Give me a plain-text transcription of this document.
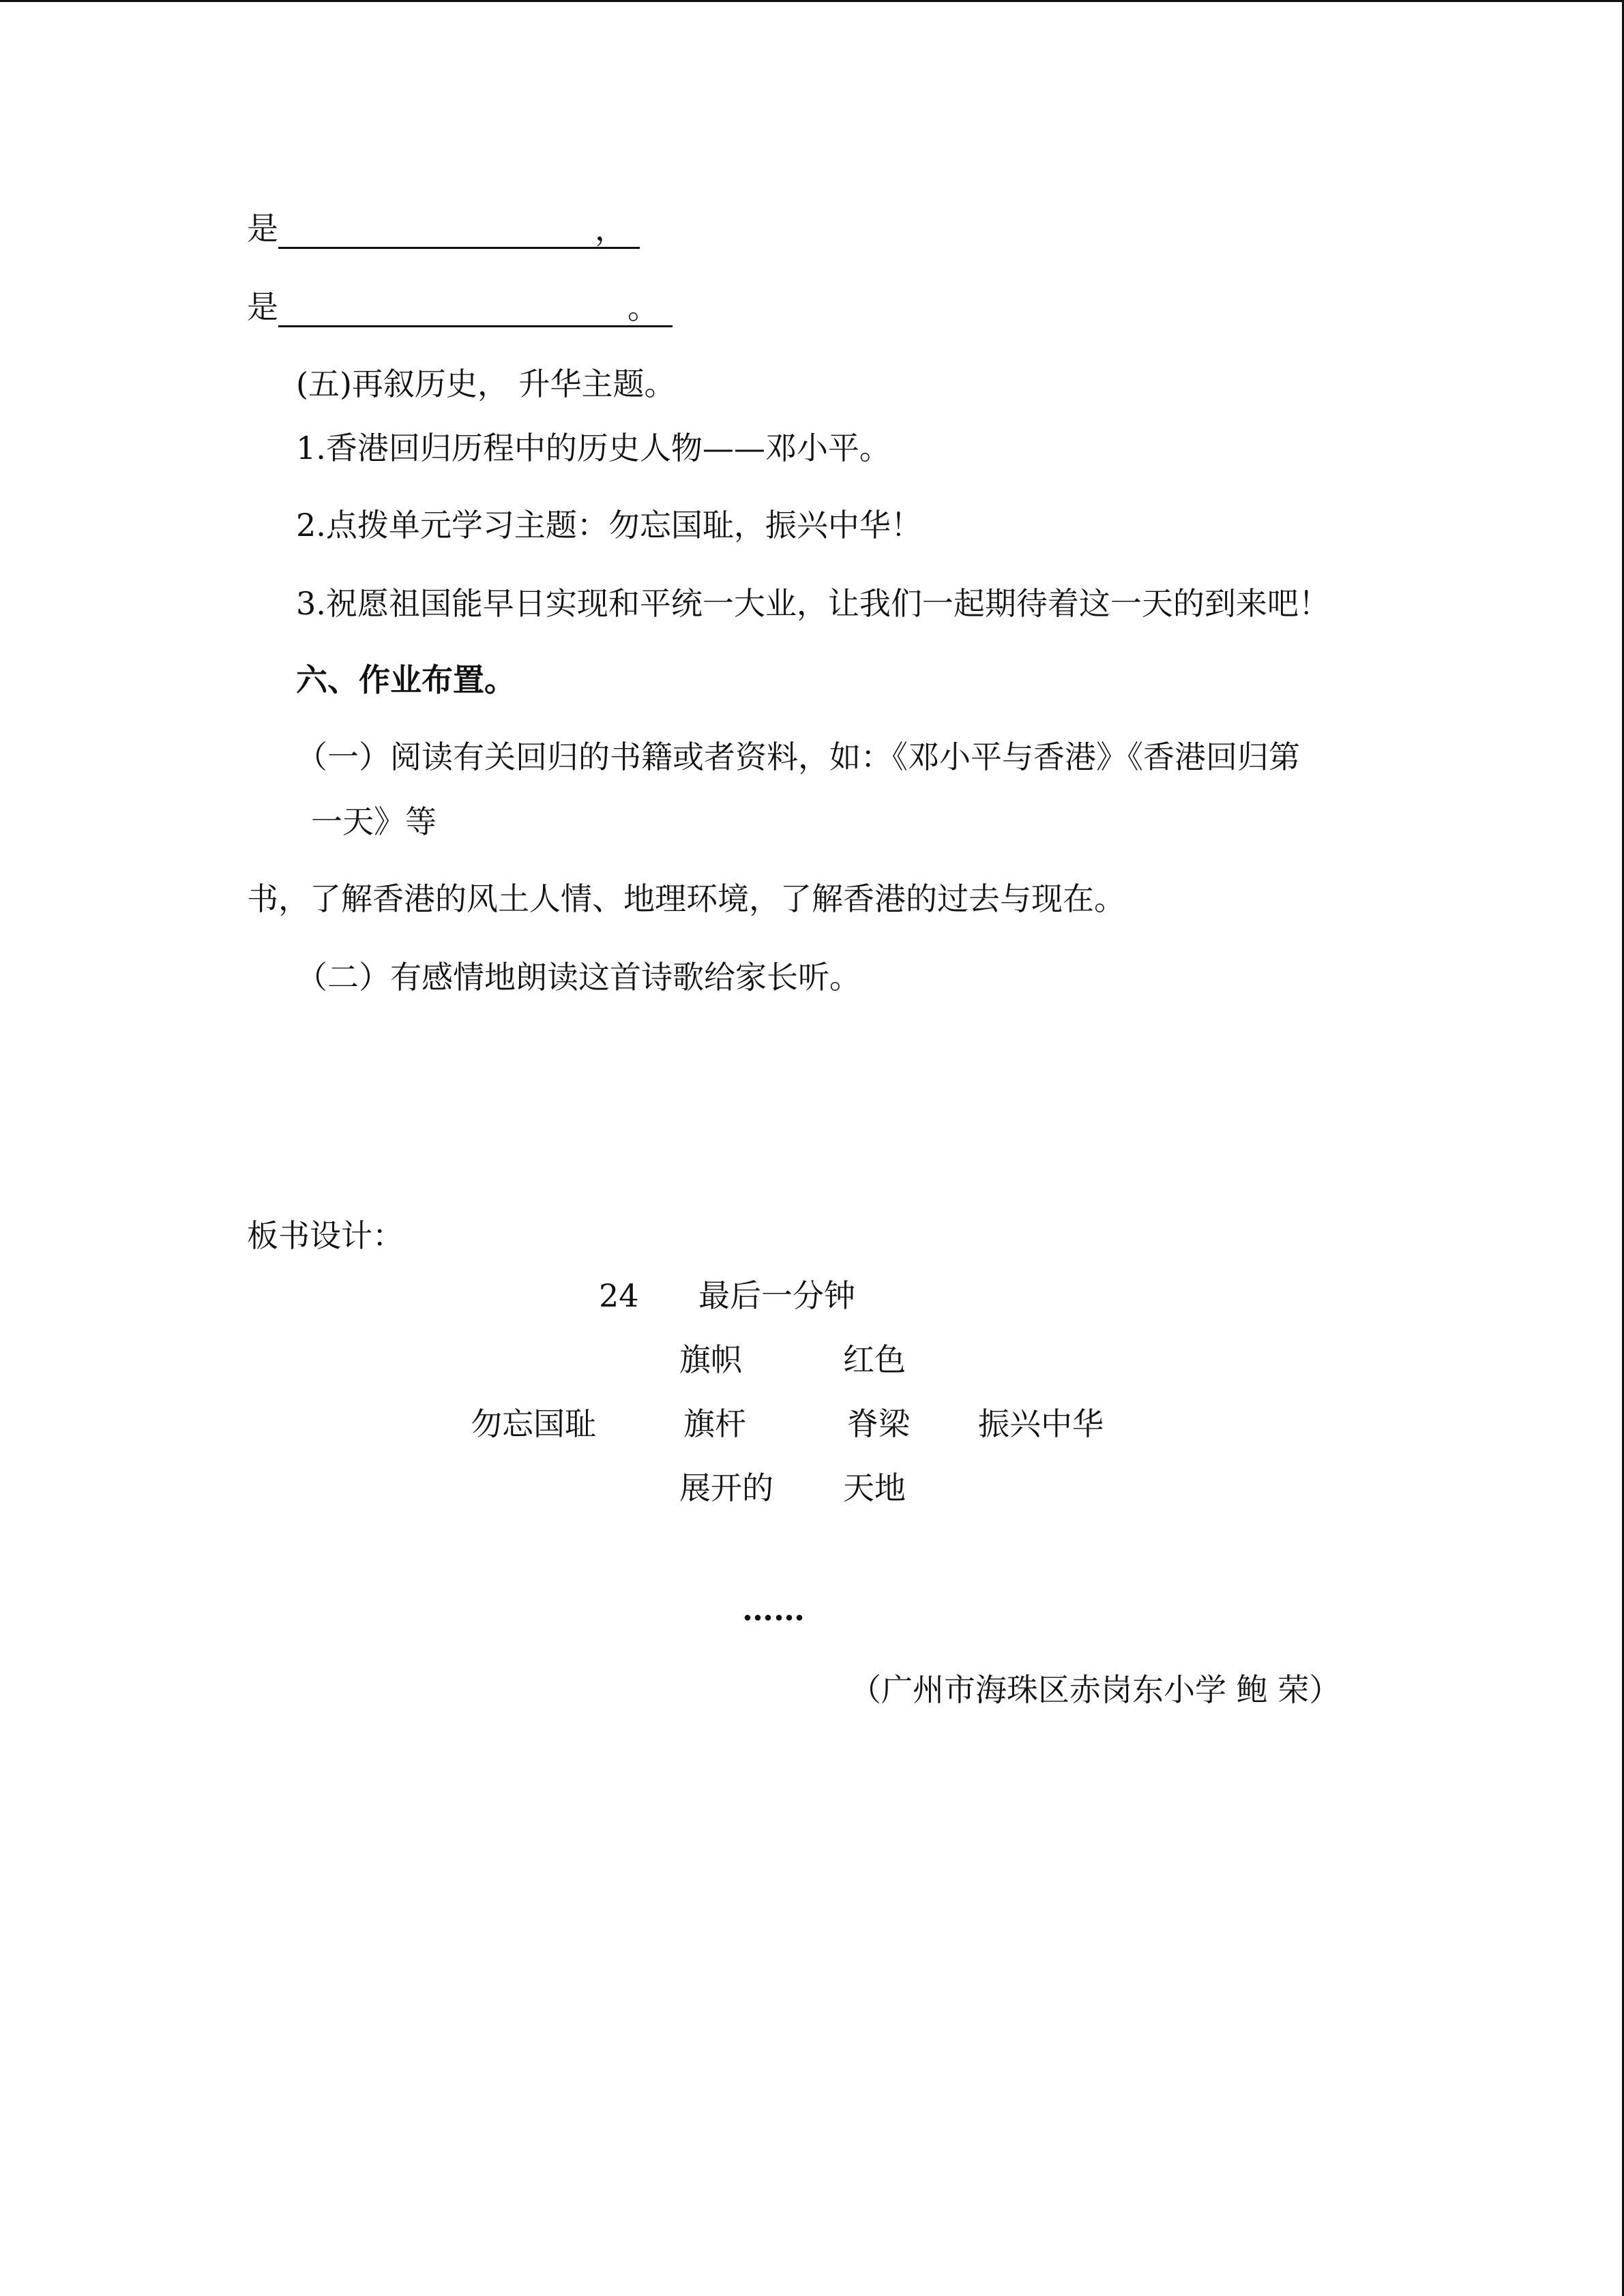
是	，
是	。
(五)再叙历史， 升华主题。
1.香港回归历程中的历史人物——邓小平。
2.点拨单元学习主题：勿忘国耻，振兴中华！
3.祝愿祖国能早日实现和平统一大业，让我们一起期待着这一天的到来吧！
六、作业布置。
（一）阅读有关回归的书籍或者资料，如：《邓小平与香港》《香港回归第
一天》等
书，了解香港的风土人情、地理环境，了解香港的过去与现在。
（二）有感情地朗读这首诗歌给家长听。
板书设计：
24 最后一分钟
旗帜	红色
勿忘国耻	旗杆	脊梁 振兴中华
展开的 天地
……
（广州市海珠区赤岗东小学 鲍 荣）
